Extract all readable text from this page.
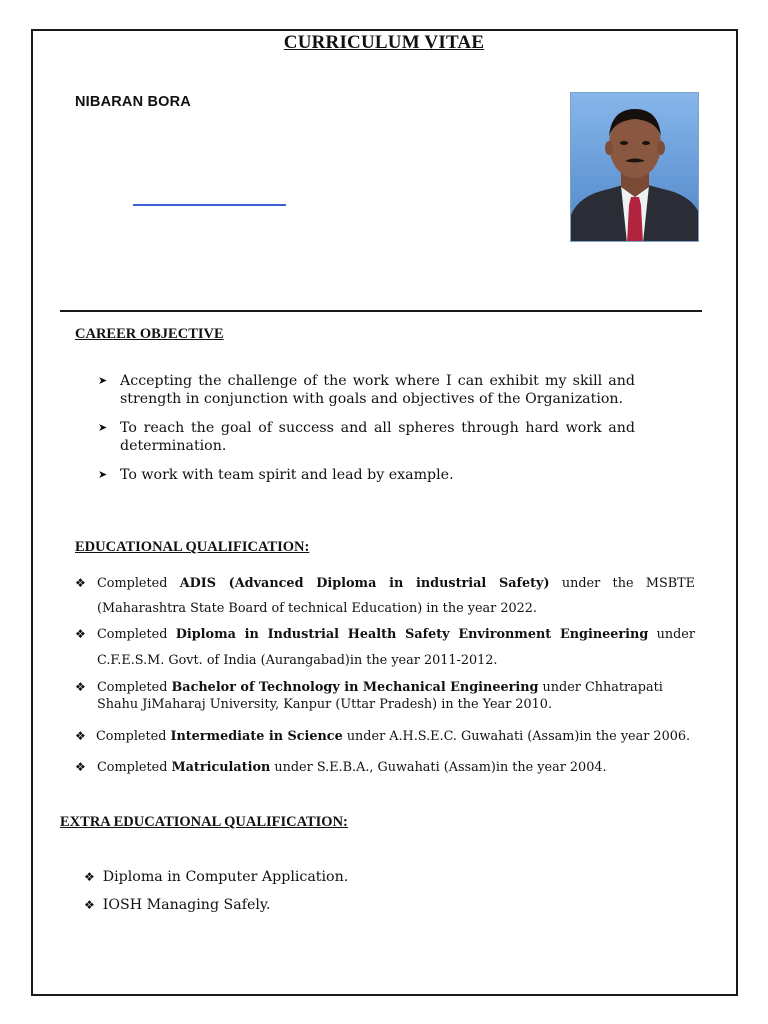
CURRICULUM VITAE
NIBARAN BORA
CAREER OBJECTIVE
➤ Accepting the challenge of the work where I can exhibit my skill and strength in conjunction with goals and objectives of the Organization.
➤ To reach the goal of success and all spheres through hard work and determination.
➤ To work with team spirit and lead by example.
EDUCATIONAL QUALIFICATION:
❖ Completed ADIS (Advanced Diploma in industrial Safety) under the MSBTE
(Maharashtra State Board of technical Education) in the year 2022.
❖ Completed Diploma in Industrial Health Safety Environment Engineering under
C.F.E.S.M. Govt. of India (Aurangabad)in the year 2011-2012.
❖ Completed Bachelor of Technology in Mechanical Engineering under Chhatrapati
Shahu JiMaharaj University, Kanpur (Uttar Pradesh) in the Year 2010.
❖ Completed Intermediate in Science under A.H.S.E.C. Guwahati (Assam)in the year 2006.
❖ Completed Matriculation under S.E.B.A., Guwahati (Assam)in the year 2004.
EXTRA EDUCATIONAL QUALIFICATION:
❖ Diploma in Computer Application.
❖ IOSH Managing Safely.
